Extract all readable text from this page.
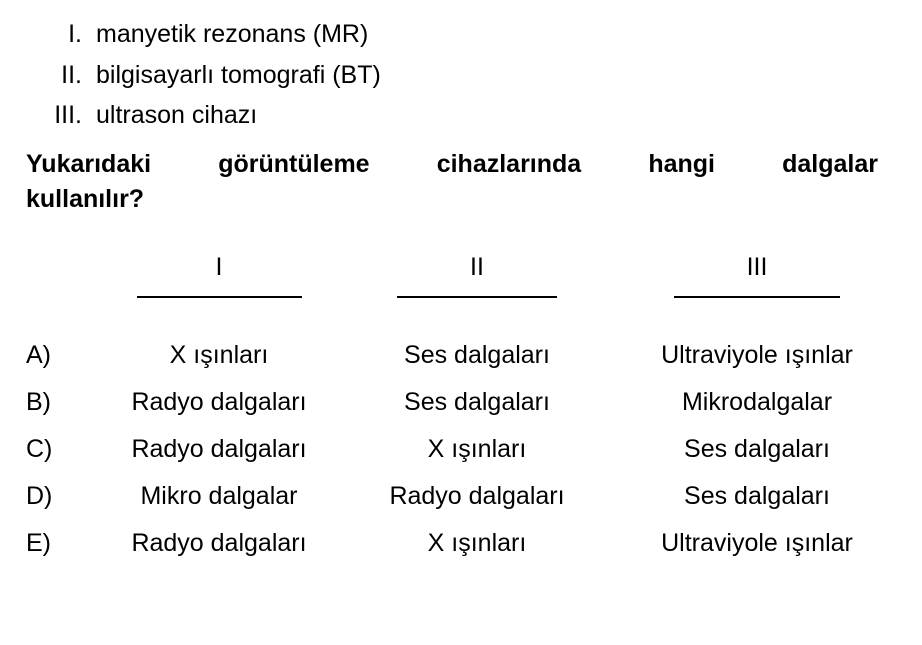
I. manyetik rezonans (MR)
II. bilgisayarlı tomografi (BT)
III. ultrason cihazı
Yukarıdaki	görüntüleme	cihazlarında	hangi	dalgalar
kullanılır?
	I	II	III

A)	X ışınları	Ses dalgaları	Ultraviyole ışınlar
B)	Radyo dalgaları	Ses dalgaları	Mikrodalgalar
C)	Radyo dalgaları	X ışınları	Ses dalgaları
D)	Mikro dalgalar	Radyo dalgaları	Ses dalgaları
E)	Radyo dalgaları	X ışınları	Ultraviyole ışınlar
